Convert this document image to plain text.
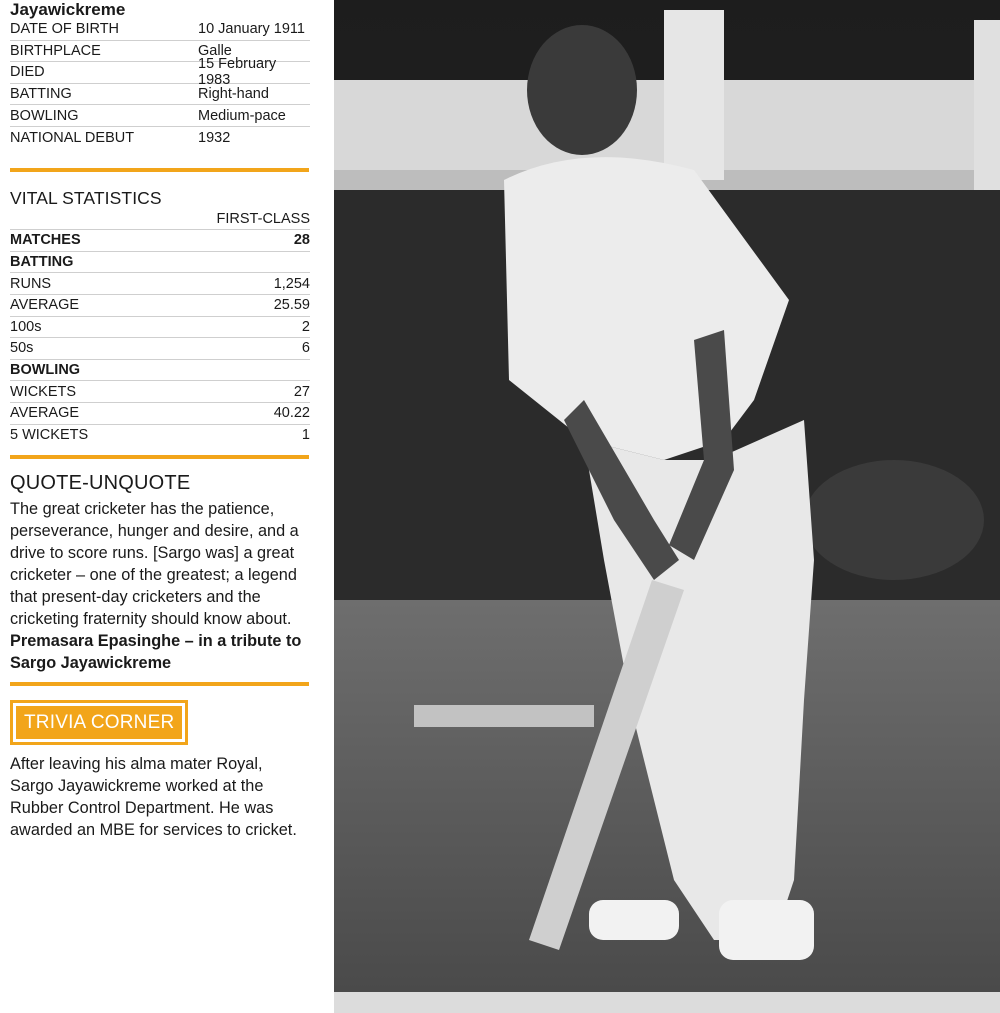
Jayawickreme
DATE OF BIRTH	10 January 1911
BIRTHPLACE	Galle
DIED	15 February 1983
BATTING	Right-hand
BOWLING	Medium-pace
NATIONAL DEBUT	1932
VITAL STATISTICS
FIRST-CLASS
MATCHES	28
BATTING
RUNS	1,254
AVERAGE	25.59
100s	2
50s	6
BOWLING
WICKETS	27
AVERAGE	40.22
5 WICKETS	1
QUOTE-UNQUOTE
The great cricketer has the patience, perseverance, hunger and desire, and a drive to score runs. [Sargo was] a great cricketer – one of the greatest; a legend that present-day cricketers and the cricketing fraternity should know about.
Premasara Epasinghe – in a tribute to Sargo Jayawickreme
TRIVIA CORNER
After leaving his alma mater Royal, Sargo Jayawickreme worked at the Rubber Control Department. He was awarded an MBE for services to cricket.
